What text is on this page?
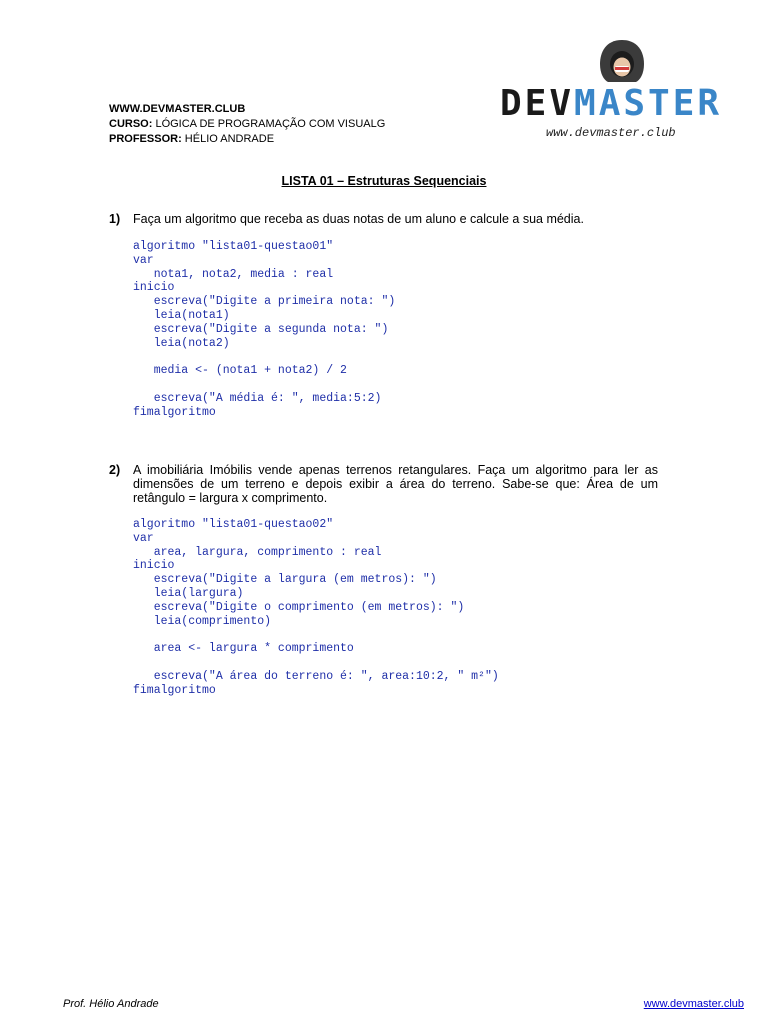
WWW.DEVMASTER.CLUB
CURSO: LÓGICA DE PROGRAMAÇÃO COM VISUALG
PROFESSOR: HÉLIO ANDRADE
DEVMASTER
www.devmaster.club
LISTA 01 – Estruturas Sequenciais
1) Faça um algoritmo que receba as duas notas de um aluno e calcule a sua média.
algoritmo "lista01-questao01"
var
nota1, nota2, media : real
inicio
escreva("Digite a primeira nota: ")
leia(nota1)
escreva("Digite a segunda nota: ")
leia(nota2)

media <- (nota1 + nota2) / 2

escreva("A média é: ", media:5:2)
fimalgoritmo
2) A imobiliária Imóbilis vende apenas terrenos retangulares. Faça um algoritmo para ler as dimensões de um terreno e depois exibir a área do terreno. Sabe-se que: Área de um retângulo = largura x comprimento.
algoritmo "lista01-questao02"
var
area, largura, comprimento : real
inicio
escreva("Digite a largura (em metros): ")
leia(largura)
escreva("Digite o comprimento (em metros): ")
leia(comprimento)

area <- largura * comprimento

escreva("A área do terreno é: ", area:10:2, " m²")
fimalgoritmo
Prof. Hélio Andrade	www.devmaster.club
